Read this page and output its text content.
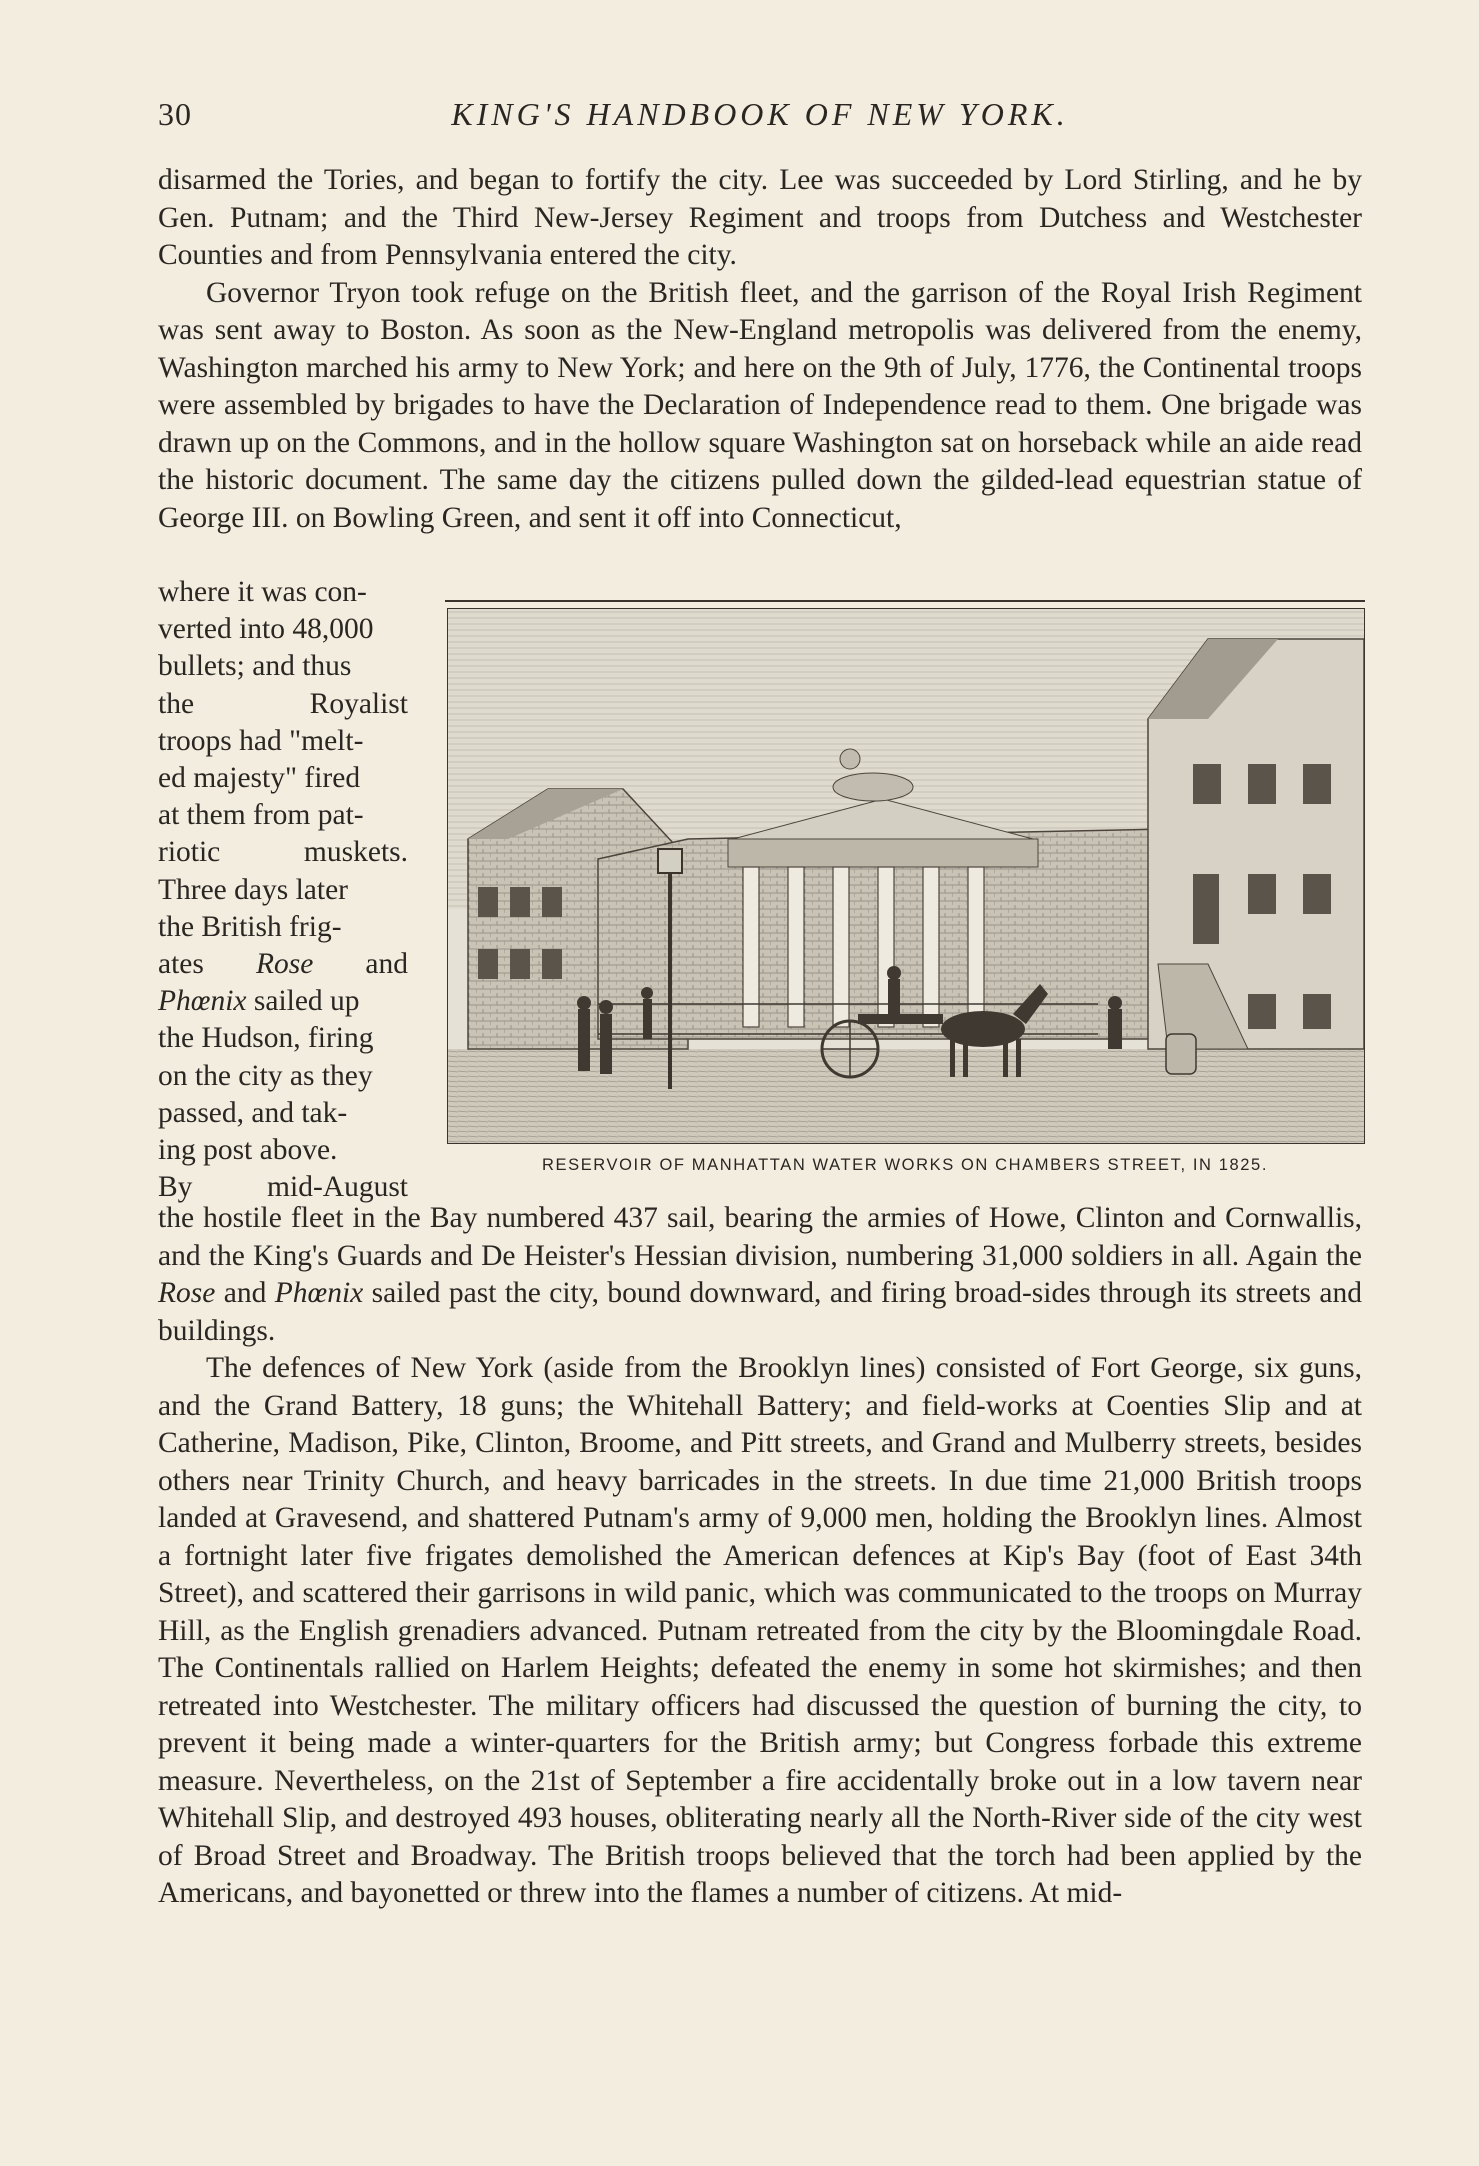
30	KING'S HANDBOOK OF NEW YORK.

disarmed the Tories, and began to fortify the city. Lee was succeeded by Lord Stirling, and he by Gen. Putnam; and the Third New-Jersey Regiment and troops from Dutchess and Westchester Counties and from Pennsylvania entered the city.

Governor Tryon took refuge on the British fleet, and the garrison of the Royal Irish Regiment was sent away to Boston. As soon as the New-England metropolis was delivered from the enemy, Washington marched his army to New York; and here on the 9th of July, 1776, the Continental troops were assembled by brigades to have the Declaration of Independence read to them. One brigade was drawn up on the Commons, and in the hollow square Washington sat on horseback while an aide read the historic document. The same day the citizens pulled down the gilded-lead equestrian statue of George III. on Bowling Green, and sent it off into Connecticut,

where it was con-

verted into 48,000

bullets; and thus

the Royalist

troops had "melt-

ed majesty" fired

at them from pat-

riotic muskets.

Three days later

the British frig-

ates Rose and

Phœnix sailed up

the Hudson, firing

on the city as they

passed, and tak-

ing post above.

By mid-August

RESERVOIR OF MANHATTAN WATER WORKS ON CHAMBERS STREET, IN 1825.

the hostile fleet in the Bay numbered 437 sail, bearing the armies of Howe, Clinton and Cornwallis, and the King's Guards and De Heister's Hessian division, numbering 31,000 soldiers in all. Again the Rose and Phœnix sailed past the city, bound downward, and firing broad-sides through its streets and buildings.

The defences of New York (aside from the Brooklyn lines) consisted of Fort George, six guns, and the Grand Battery, 18 guns; the Whitehall Battery; and field-works at Coenties Slip and at Catherine, Madison, Pike, Clinton, Broome, and Pitt streets, and Grand and Mulberry streets, besides others near Trinity Church, and heavy barricades in the streets. In due time 21,000 British troops landed at Gravesend, and shattered Putnam's army of 9,000 men, holding the Brooklyn lines. Almost a fortnight later five frigates demolished the American defences at Kip's Bay (foot of East 34th Street), and scattered their garrisons in wild panic, which was communicated to the troops on Murray Hill, as the English grenadiers advanced. Putnam retreated from the city by the Bloomingdale Road. The Continentals rallied on Harlem Heights; defeated the enemy in some hot skirmishes; and then retreated into Westchester. The military officers had discussed the question of burning the city, to prevent it being made a winter-quarters for the British army; but Congress forbade this extreme measure. Nevertheless, on the 21st of September a fire accidentally broke out in a low tavern near Whitehall Slip, and destroyed 493 houses, obliterating nearly all the North-River side of the city west of Broad Street and Broadway. The British troops believed that the torch had been applied by the Americans, and bayonetted or threw into the flames a number of citizens. At mid-
